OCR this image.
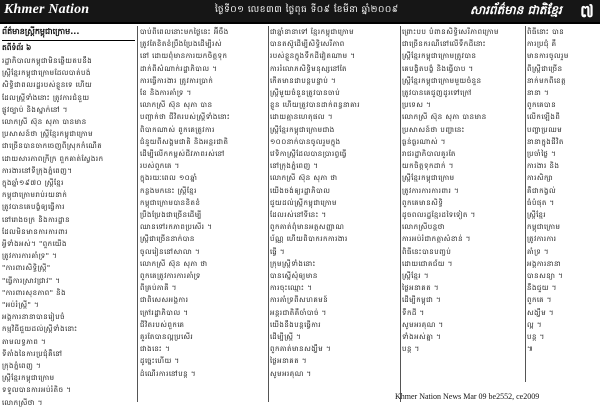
Khmer Nation	ថ្ងៃទី០១ លេខ៣៣ ថ្ងៃពុធ ទី០៩ ខែមីនា ឆ្នាំ២០០៩	សារព័ត៌មាន ជាតិខ្មែរ ៧
ព័ត៌មានស្ត្រីកម្ពុជាក្រោម...
តពីទំព័រ ៦
រដ្ឋាភិបាលកម្ពុជាមិនឆ្លើយតបនឹង
ស្ត្រីខ្មែរកម្ពុជាក្រោមដែលបាត់បង់
សិទ្ធិជាពលរដ្ឋរបស់ខ្លួនទេ ហើយ
ដែលស្ត្រីទាំងនោះ ត្រូវការជំនួយ
ផ្លូវច្បាប់ និងស្នាក់នៅ ។
លោកស្រី ស៊ុន សុភា បានមាន
ប្រសាសន៍ថា ស្ត្រីខ្មែរកម្ពុជាក្រោម
ជាច្រើនបានចាកចេញពីស្រុកកំណើត
ដោយសារភាពក្រីក្រ ពួកគាត់ស្វែងរក
ការងារនៅទីក្រុងភ្នំពេញ។
ក្នុងឆ្នាំ១៩៧០ ស្ត្រីខ្មែរ
កម្ពុជាក្រោមរាប់រយនាក់
ត្រូវបានគេបង្ខំឲ្យធ្វើការ
នៅរោងចក្រ និងការដ្ឋាន
ដែលមិនមានការការពារ
អ្វីទាំងអស់។ "ពួកយើង
ត្រូវការការគាំទ្រ" ។
"ការពារសិទ្ធិស្ត្រី"
"ធ្វើការស្រាវជ្រាវ" ។
"ការពារសុខភាព" និង
"អប់រំស្ត្រី" ។
អង្គការនានាបានរៀបចំ
កម្មវិធីជួយដល់ស្ត្រីទាំងនោះ
តាមលទ្ធភាព ។
ទីតាំងនៃការប្រជុំគឺនៅ
ក្រុងភ្នំពេញ ។
ស្ត្រីខ្មែរកម្ពុជាក្រោម
ទទួលបានការអប់រំតិច ។
លោកស្រីថា ។
បាប់ពីពេលនោះមកថ្ងៃនេះ អ៊ីចឹង
ត្រូវតែខិតខំប្រឹងប្រែងដើម្បីរស់
នៅ ដោយពុំមានការយកចិត្តទុក
ដាក់ពីសំណាក់រដ្ឋាភិបាល ។
ការធ្វើការងារ ត្រូវការប្រាក់
ខែ និងការគាំទ្រ ។
លោកស្រី ស៊ុន សុភា បាន
បញ្ជាក់ថា ជីវិតរបស់ស្ត្រីទាំងនោះ
ពិបាកណាស់ ពួកគេត្រូវការ
ជំនួយពីសង្គមជាតិ និងអន្តរជាតិ
ដើម្បីលើកកម្ពស់ជីវភាពរស់នៅ
របស់ពួកគេ ។
ក្នុងរយៈពេល ១០ឆ្នាំ
កន្លងមកនេះ ស្ត្រីខ្មែរ
កម្ពុជាក្រោមបានខិតខំ
ប្រឹងប្រែងជាច្រើនដើម្បី
ឈានទៅរកភាពប្រសើរ ។
ស្ត្រីជាច្រើននាក់បាន
ចូលរៀននៅសាលា ។
លោកស្រី ស៊ុន សុភា ថា
ពួកគេត្រូវការការគាំទ្រ
ពីគ្រប់ភាគី ។
ជាពិសេសអង្គការ
ក្រៅរដ្ឋាភិបាល ។
ជីវិតរបស់ពួកគេ
គួរតែបានល្អប្រសើរ
ជាងនេះ ។
ដូច្នេះហើយ ។
ដំណើរការនៅបន្ត ។
ជាឆ្នាំនានាទៅ ខ្មែរកម្ពុជាក្រោម
បានតស៊ូដើម្បីសិទ្ធិសេរីភាព
របស់ខ្លួនក្នុងទឹកដីវៀតណាម ។
ការរំលោភសិទ្ធិមនុស្សនៅតែ
កើតមានជាបន្តបន្ទាប់ ។
ស្ត្រីមួយចំនួនត្រូវបានចាប់
ខ្លួន ហើយត្រូវបានដាក់ពន្ធនាគារ
ដោយគ្មានហេតុផល ។
ស្ត្រីខ្មែរកម្ពុជាក្រោមជាង
១០០នាក់បានចូលរួមក្នុង
វេទិកាស្ត្រីដែលបានប្រារព្ធធ្វើ
នៅក្រុងភ្នំពេញ ។
លោកស្រី ស៊ុន សុភា ថា
យើងចង់ឲ្យរដ្ឋាភិបាល
ជួយដល់ស្ត្រីកម្ពុជាក្រោម
ដែលរស់នៅទីនេះ ។
ពួកគាត់ពុំមានអត្តសញ្ញាណ
ប័ណ្ណ ហើយពិបាករកការងារ
ធ្វើ ។
ក្រុមស្ត្រីទាំងនោះ
បានស្នើសុំឲ្យមាន
ការចុះឈ្មោះ ។
ការគាំទ្រពីសហគមន៍
អន្តរជាតិគឺចាំបាច់ ។
យើងនឹងបន្តធ្វើការ
ដើម្បីស្ត្រី ។
ពួកគាត់មានសង្ឃឹម ។
ថ្ងៃអនាគត ។
សូមអរគុណ ។
ព្រោះបប បំពានសិទ្ធិសេរីភាពក្រោម
ជាច្រើនករណីនៅលើទឹកដីនោះ
ស្ត្រីខ្មែរកម្ពុជាក្រោមត្រូវបាន
គេបង្ខិតបង្ខំ និងធ្វើបាប ។
ស្ត្រីខ្មែរកម្ពុជាក្រោមមួយចំនួន
ត្រូវបានគេជួញដូរទៅក្រៅ
ប្រទេស ។
លោកស្រី ស៊ុន សុភា បានមាន
ប្រសាសន៍ថា បញ្ហានេះ
ធ្ងន់ធ្ងរណាស់ ។
រាជរដ្ឋាភិបាលគួរតែ
យកចិត្តទុកដាក់ ។
ស្ត្រីខ្មែរកម្ពុជាក្រោម
ត្រូវការការការពារ ។
ពួកគេមានសិទ្ធិ
ដូចពលរដ្ឋខ្មែរដទៃទៀត ។
លោកស្រីបន្តថា
ការអប់រំជាកត្តាសំខាន់ ។
ពិធីនេះបានបញ្ចប់
ដោយជោគជ័យ ។
ស្ត្រីខ្មែរ ។
ថ្ងៃអនាគត ។
ដើម្បីកម្ពុជា ។
ទឹកដី ។
សូមអរគុណ ។
ទាំងអស់គ្នា ។
បន្ត ។
ពិធីនោះ បាន
ការប្រជុំ គឺ
មានការចូលរួម
ពីស្ត្រីជាច្រើន
នាក់មកពីខេត្ត
នានា ។
ពួកគេបាន
លើកឡើងពី
បញ្ហាប្រឈម
នានាក្នុងជីវិត
ប្រចាំថ្ងៃ ។
ការងារ និង
ការសិក្សា
គឺជាកង្វល់
ធំបំផុត ។
ស្ត្រីខ្មែរ
កម្ពុជាក្រោម
ត្រូវការការ
គាំទ្រ ។
អង្គការនានា
បានសន្យា ។
នឹងជួយ ។
ពួកគេ ។
សង្ឃឹម ។
ល្អ ។
បន្ត ។
៕
Khmer Nation News Mar 09 be2552, ce2009
